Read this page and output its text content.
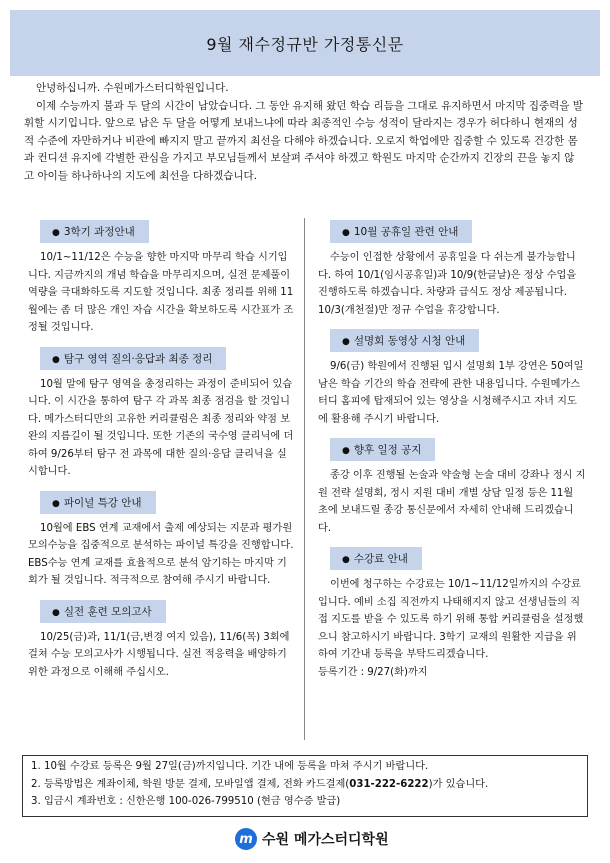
9월 재수정규반 가정통신문

안녕하십니까. 수원메가스터디학원입니다.

이제 수능까지 불과 두 달의 시간이 남았습니다. 그 동안 유지해 왔던 학습 리듬을 그대로 유지하면서 마지막 집중력을 발휘할 시기입니다. 앞으로 남은 두 달을 어떻게 보내느냐에 따라 최종적인 수능 성적이 달라지는 경우가 허다하니 현재의 성적 수준에 자만하거나 비관에 빠지지 말고 끝까지 최선을 다해야 하겠습니다. 오로지 학업에만 집중할 수 있도록 건강한 몸과 컨디션 유지에 각별한 관심을 가지고 부모님들께서 보살펴 주셔야 하겠고 학원도 마지막 순간까지 긴장의 끈을 놓지 않고 아이들 하나하나의 지도에 최선을 다하겠습니다.

● 3학기 과정안내

10/1~11/12은 수능을 향한 마지막 마무리 학습 시기입니다. 지금까지의 개념 학습을 마무리지으며, 실전 문제풀이 역량을 극대화하도록 지도할 것입니다. 최종 정리를 위해 11월에는 좀 더 많은 개인 자습 시간을 확보하도록 시간표가 조정될 것입니다.

● 탐구 영역 질의·응답과 최종 정리

10월 말에 탐구 영역을 총정리하는 과정이 준비되어 있습니다. 이 시간을 통하여 탐구 각 과목 최종 점검을 할 것입니다. 메가스터디만의 고유한 커리큘럼은 최종 정리와 약점 보완의 지름길이 될 것입니다. 또한 기존의 국수영 클리닉에 더하여 9/26부터 탐구 전 과목에 대한 질의·응답 클리닉을 실시합니다.

● 파이널 특강 안내

10월에 EBS 연계 교재에서 출제 예상되는 지문과 평가원 모의수능을 집중적으로 분석하는 파이널 특강을 진행합니다. EBS수능 연계 교재를 효율적으로 분석 암기하는 마지막 기회가 될 것입니다. 적극적으로 참여해 주시기 바랍니다.

● 실전 훈련 모의고사

10/25(금)과, 11/1(금,변경 여지 있음), 11/6(목) 3회에 걸쳐 수능 모의고사가 시행됩니다. 실전 적응력을 배양하기 위한 과정으로 이해해 주십시오.

● 10월 공휴일 관련 안내

수능이 인접한 상황에서 공휴일을 다 쉬는게 불가능합니다. 하여 10/1(임시공휴일)과 10/9(한글날)은 정상 수업을 진행하도록 하겠습니다. 차량과 급식도 정상 제공됩니다. 10/3(개천절)만 정규 수업을 휴강합니다.

● 설명회 동영상 시청 안내

9/6(금) 학원에서 진행된 입시 설명회 1부 강연은 50여일 남은 학습 기간의 학습 전략에 관한 내용입니다. 수원메가스터디 홈피에 탑재되어 있는 영상을 시청해주시고 자녀 지도에 활용해 주시기 바랍니다.

● 향후 일정 공지

종강 이후 진행될 논술과 약술형 논술 대비 강좌나 정시 지원 전략 설명회, 정시 지원 대비 개별 상담 일정 등은 11월 초에 보내드릴 종강 통신문에서 자세히 안내해 드리겠습니다.

● 수강료 안내

이번에 청구하는 수강료는 10/1~11/12일까지의 수강료입니다. 예비 소집 직전까지 나태해지지 않고 선생님들의 직접 지도를 받을 수 있도록 하기 위해 통합 커리큘럼을 설정했으니 참고하시기 바랍니다. 3학기 교재의 원활한 지급을 위하여 기간내 등록을 부탁드리겠습니다.

등록기간 : 9/27(화)까지

1. 10월 수강료 등록은 9월 27일(금)까지입니다. 기간 내에 등록을 마쳐 주시기 바랍니다.

2. 등록방법은 계좌이체, 학원 방문 결제, 모바일앱 결제, 전화 카드결제(031-222-6222)가 있습니다.

3. 입금시 계좌번호 : 신한은행 100-026-799510 (현금 영수증 발급)

m 수원 메가스터디학원
